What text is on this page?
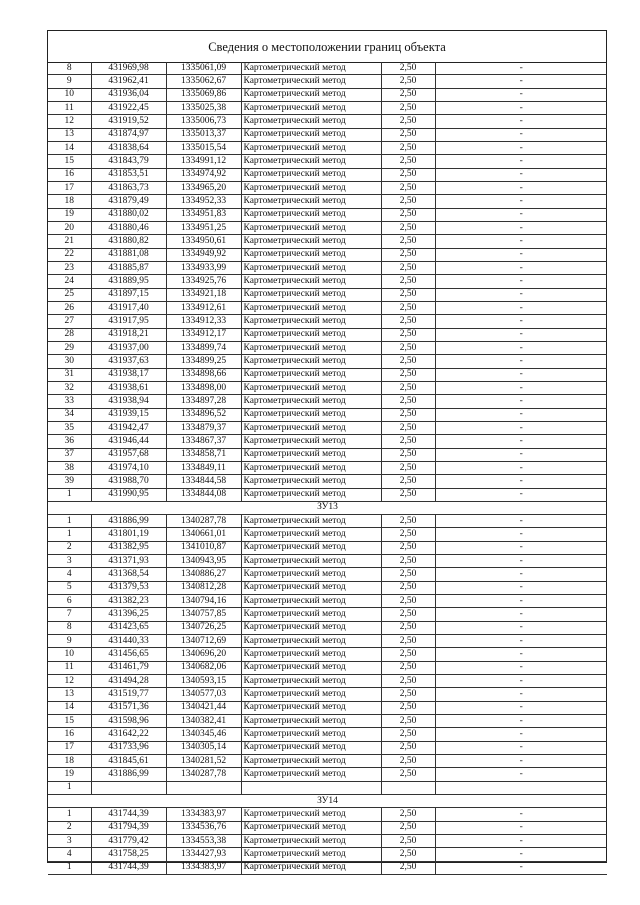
Сведения о местоположении границ объекта
8	431969,98	1335061,09	Картометрический метод	2,50	-
9	431962,41	1335062,67	Картометрический метод	2,50	-
10	431936,04	1335069,86	Картометрический метод	2,50	-
11	431922,45	1335025,38	Картометрический метод	2,50	-
12	431919,52	1335006,73	Картометрический метод	2,50	-
13	431874,97	1335013,37	Картометрический метод	2,50	-
14	431838,64	1335015,54	Картометрический метод	2,50	-
15	431843,79	1334991,12	Картометрический метод	2,50	-
16	431853,51	1334974,92	Картометрический метод	2,50	-
17	431863,73	1334965,20	Картометрический метод	2,50	-
18	431879,49	1334952,33	Картометрический метод	2,50	-
19	431880,02	1334951,83	Картометрический метод	2,50	-
20	431880,46	1334951,25	Картометрический метод	2,50	-
21	431880,82	1334950,61	Картометрический метод	2,50	-
22	431881,08	1334949,92	Картометрический метод	2,50	-
23	431885,87	1334933,99	Картометрический метод	2,50	-
24	431889,95	1334925,76	Картометрический метод	2,50	-
25	431897,15	1334921,18	Картометрический метод	2,50	-
26	431917,40	1334912,61	Картометрический метод	2,50	-
27	431917,95	1334912,33	Картометрический метод	2,50	-
28	431918,21	1334912,17	Картометрический метод	2,50	-
29	431937,00	1334899,74	Картометрический метод	2,50	-
30	431937,63	1334899,25	Картометрический метод	2,50	-
31	431938,17	1334898,66	Картометрический метод	2,50	-
32	431938,61	1334898,00	Картометрический метод	2,50	-
33	431938,94	1334897,28	Картометрический метод	2,50	-
34	431939,15	1334896,52	Картометрический метод	2,50	-
35	431942,47	1334879,37	Картометрический метод	2,50	-
36	431946,44	1334867,37	Картометрический метод	2,50	-
37	431957,68	1334858,71	Картометрический метод	2,50	-
38	431974,10	1334849,11	Картометрический метод	2,50	-
39	431988,70	1334844,58	Картометрический метод	2,50	-
1	431990,95	1334844,08	Картометрический метод	2,50	-
ЗУ13					
1	431886,99	1340287,78	Картометрический метод	2,50	-
1	431801,19	1340661,01	Картометрический метод	2,50	-
2	431382,95	1341010,87	Картометрический метод	2,50	-
3	431371,93	1340943,95	Картометрический метод	2,50	-
4	431368,54	1340886,27	Картометрический метод	2,50	-
5	431379,53	1340812,28	Картометрический метод	2,50	-
6	431382,23	1340794,16	Картометрический метод	2,50	-
7	431396,25	1340757,85	Картометрический метод	2,50	-
8	431423,65	1340726,25	Картометрический метод	2,50	-
9	431440,33	1340712,69	Картометрический метод	2,50	-
10	431456,65	1340696,20	Картометрический метод	2,50	-
11	431461,79	1340682,06	Картометрический метод	2,50	-
12	431494,28	1340593,15	Картометрический метод	2,50	-
13	431519,77	1340577,03	Картометрический метод	2,50	-
14	431571,36	1340421,44	Картометрический метод	2,50	-
15	431598,96	1340382,41	Картометрический метод	2,50	-
16	431642,22	1340345,46	Картометрический метод	2,50	-
17	431733,96	1340305,14	Картометрический метод	2,50	-
18	431845,61	1340281,52	Картометрический метод	2,50	-
19	431886,99	1340287,78	Картометрический метод	2,50	-
1					
ЗУ14					
1	431744,39	1334383,97	Картометрический метод	2,50	-
2	431794,39	1334536,76	Картометрический метод	2,50	-
3	431779,42	1334553,38	Картометрический метод	2,50	-
4	431758,25	1334427,93	Картометрический метод	2,50	-
1	431744,39	1334383,97	Картометрический метод	2,50	-
